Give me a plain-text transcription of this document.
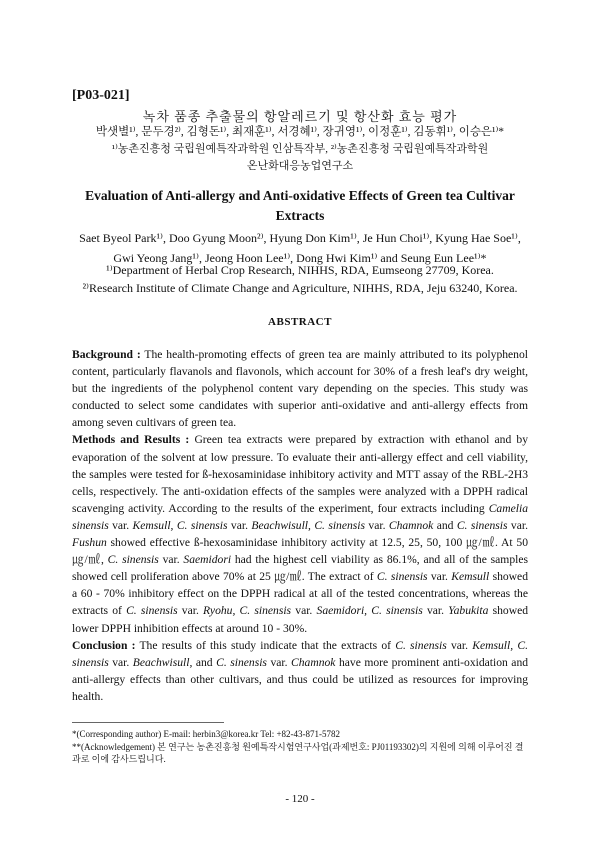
[P03-021]
녹차 품종 추출물의 항알레르기 및 항산화 효능 평가
박샛별¹⁾, 문두경²⁾, 김형돈¹⁾, 최재훈¹⁾, 서경혜¹⁾, 장귀영¹⁾, 이정훈¹⁾, 김동휘¹⁾, 이승은¹⁾*
¹⁾농촌진흥청 국립원예특작과학원 인삼특작부, ²⁾농촌진흥청 국립원예특작과학원
온난화대응농업연구소
Evaluation of Anti-allergy and Anti-oxidative Effects of Green tea Cultivar Extracts
Saet Byeol Park¹⁾, Doo Gyung Moon²⁾, Hyung Don Kim¹⁾, Je Hun Choi¹⁾, Kyung Hae Soe¹⁾,
Gwi Yeong Jang¹⁾, Jeong Hoon Lee¹⁾, Dong Hwi Kim¹⁾ and Seung Eun Lee¹⁾*
¹⁾Department of Herbal Crop Research, NIHHS, RDA, Eumseong 27709, Korea.
²⁾Research Institute of Climate Change and Agriculture, NIHHS, RDA, Jeju 63240, Korea.
ABSTRACT

Background : The health-promoting effects of green tea are mainly attributed to its polyphenol content, particularly flavanols and flavonols, which account for 30% of a fresh leaf's dry weight, but the ingredients of the polyphenol content vary depending on the species. This study was conducted to select some candidates with superior anti-oxidative and anti-allergy effects from among seven cultivars of green tea.

Methods and Results : Green tea extracts were prepared by extraction with ethanol and by evaporation of the solvent at low pressure. To evaluate their anti-allergy effect and cell viability, the samples were tested for ß-hexosaminidase inhibitory activity and MTT assay of the RBL-2H3 cells, respectively. The anti-oxidation effects of the samples were analyzed with a DPPH radical scavenging activity. According to the results of the experiment, four extracts including Camelia sinensis var. Kemsull, C. sinensis var. Beachwisull, C. sinensis var. Chamnok and C. sinensis var. Fushun showed effective ß-hexosaminidase inhibitory activity at 12.5, 25, 50, 100 ㎍/㎖. At 50 ㎍/㎖, C. sinensis var. Saemidori had the highest cell viability as 86.1%, and all of the samples showed cell proliferation above 70% at 25 ㎍/㎖. The extract of C. sinensis var. Kemsull showed a 60 - 70% inhibitory effect on the DPPH radical at all of the tested concentrations, whereas the extracts of C. sinensis var. Ryohu, C. sinensis var. Saemidori, C. sinensis var. Yabukita showed lower DPPH inhibition effects at around 10 - 30%.

Conclusion : The results of this study indicate that the extracts of C. sinensis var. Kemsull, C. sinensis var. Beachwisull, and C. sinensis var. Chamnok have more prominent anti-oxidation and anti-allergy effects than other cultivars, and thus could be utilized as resources for improving health.

*(Corresponding author) E-mail: herbin3@korea.kr Tel: +82-43-871-5782
**(Acknowledgement) 본 연구는 농촌진흥청 원예특작시험연구사업(과제번호: PJ01193302)의 지원에 의해 이루어진 결과로 이에 감사드립니다.
- 120 -
